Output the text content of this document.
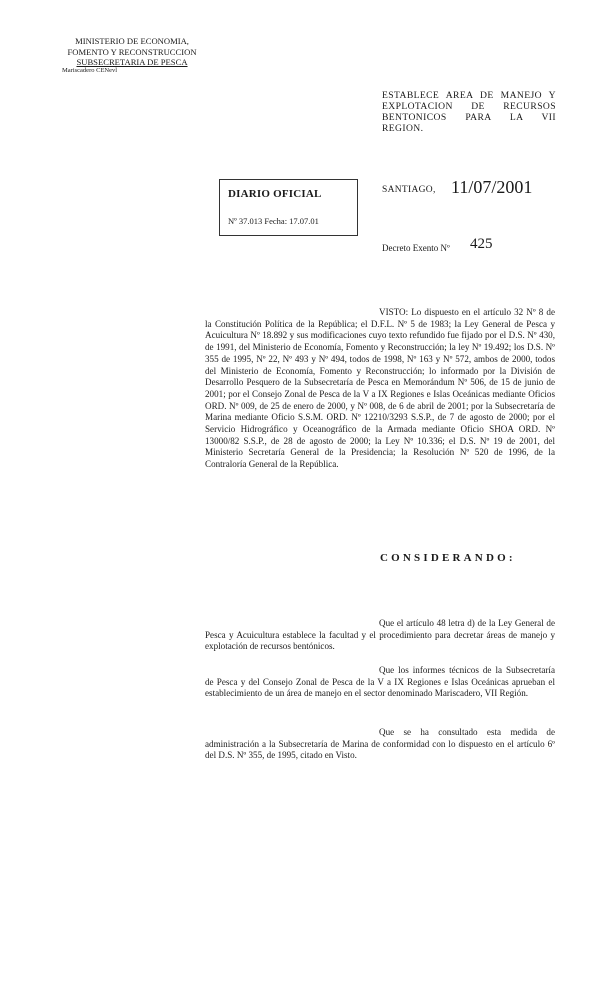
MINISTERIO DE ECONOMIA,
FOMENTO Y RECONSTRUCCION
SUBSECRETARIA DE PESCA
Mariscadero CENevl
ESTABLECE AREA DE MANEJO Y
EXPLOTACION DE RECURSOS
BENTONICOS PARA LA VII
REGION.
DIARIO OFICIAL
Nº 37.013 Fecha: 17.07.01
SANTIAGO, 11/07/2001
Decreto Exento Nº 425
VISTO: Lo dispuesto en el artículo 32 Nº 8 de la Constitución Política de la República; el D.F.L. Nº 5 de 1983; la Ley General de Pesca y Acuicultura Nº 18.892 y sus modificaciones cuyo texto refundido fue fijado por el D.S. Nº 430, de 1991, del Ministerio de Economía, Fomento y Reconstrucción; la ley Nº 19.492; los D.S. Nº 355 de 1995, Nº 22, Nº 493 y Nº 494, todos de 1998, Nº 163 y Nº 572, ambos de 2000, todos del Ministerio de Economía, Fomento y Reconstrucción; lo informado por la División de Desarrollo Pesquero de la Subsecretaría de Pesca en Memorándum Nº 506, de 15 de junio de 2001; por el Consejo Zonal de Pesca de la V a IX Regiones e Islas Oceánicas mediante Oficios ORD. Nº 009, de 25 de enero de 2000, y Nº 008, de 6 de abril de 2001; por la Subsecretaría de Marina mediante Oficio S.S.M. ORD. Nº 12210/3293 S.S.P., de 7 de agosto de 2000; por el Servicio Hidrográfico y Oceanográfico de la Armada mediante Oficio SHOA ORD. Nº 13000/82 S.S.P., de 28 de agosto de 2000; la Ley Nº 10.336; el D.S. Nº 19 de 2001, del Ministerio Secretaría General de la Presidencia; la Resolución Nº 520 de 1996, de la Contraloría General de la República.
CONSIDERANDO:
Que el artículo 48 letra d) de la Ley General de Pesca y Acuicultura establece la facultad y el procedimiento para decretar áreas de manejo y explotación de recursos bentónicos.
Que los informes técnicos de la Subsecretaría de Pesca y del Consejo Zonal de Pesca de la V a IX Regiones e Islas Oceánicas aprueban el establecimiento de un área de manejo en el sector denominado Mariscadero, VII Región.
Que se ha consultado esta medida de administración a la Subsecretaría de Marina de conformidad con lo dispuesto en el artículo 6º del D.S. Nº 355, de 1995, citado en Visto.
